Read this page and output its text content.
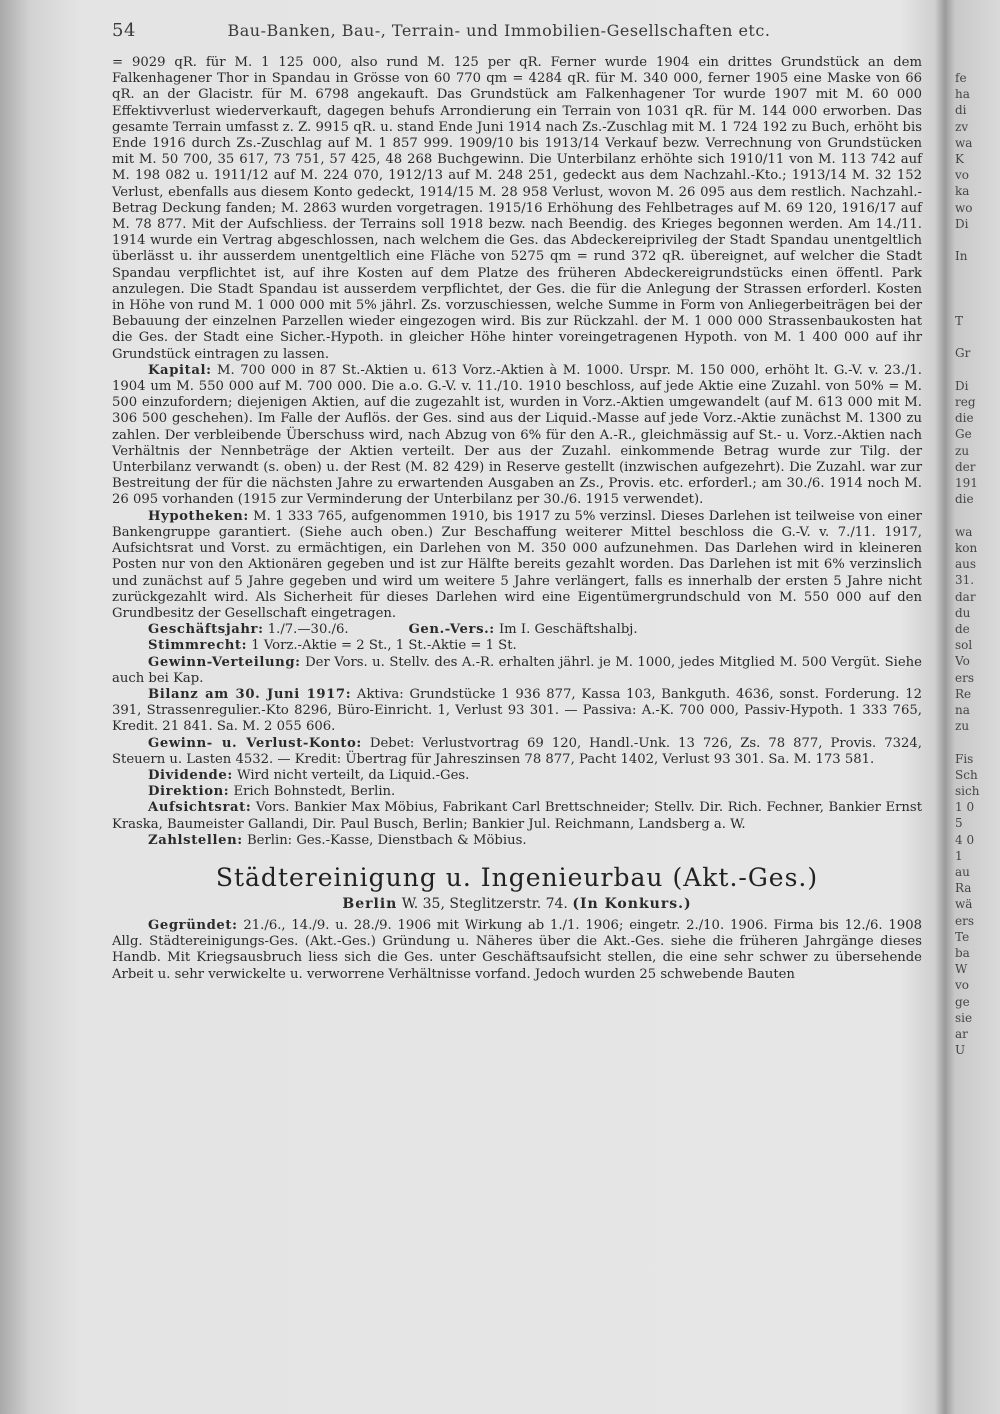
54	Bau-Banken, Bau-, Terrain- und Immobilien-Gesellschaften etc.

= 9029 qR. für M. 1 125 000, also rund M. 125 per qR. Ferner wurde 1904 ein drittes Grundstück an dem Falkenhagener Thor in Spandau in Grösse von 60 770 qm = 4284 qR. für M. 340 000, ferner 1905 eine Maske von 66 qR. an der Glacistr. für M. 6798 angekauft. Das Grundstück am Falkenhagener Tor wurde 1907 mit M. 60 000 Effektivverlust wiederverkauft, dagegen behufs Arrondierung ein Terrain von 1031 qR. für M. 144 000 erworben. Das gesamte Terrain umfasst z. Z. 9915 qR. u. stand Ende Juni 1914 nach Zs.-Zuschlag mit M. 1 724 192 zu Buch, erhöht bis Ende 1916 durch Zs.-Zuschlag auf M. 1 857 999. 1909/10 bis 1913/14 Verkauf bezw. Verrechnung von Grundstücken mit M. 50 700, 35 617, 73 751, 57 425, 48 268 Buchgewinn. Die Unterbilanz erhöhte sich 1910/11 von M. 113 742 auf M. 198 082 u. 1911/12 auf M. 224 070, 1912/13 auf M. 248 251, gedeckt aus dem Nachzahl.-Kto.; 1913/14 M. 32 152 Verlust, ebenfalls aus diesem Konto gedeckt, 1914/15 M. 28 958 Verlust, wovon M. 26 095 aus dem restlich. Nachzahl.-Betrag Deckung fanden; M. 2863 wurden vorgetragen. 1915/16 Erhöhung des Fehlbetrages auf M. 69 120, 1916/17 auf M. 78 877. Mit der Aufschliess. der Terrains soll 1918 bezw. nach Beendig. des Krieges begonnen werden. Am 14./11. 1914 wurde ein Vertrag abgeschlossen, nach welchem die Ges. das Abdeckereiprivileg der Stadt Spandau unentgeltlich überlässt u. ihr ausserdem unentgeltlich eine Fläche von 5275 qm = rund 372 qR. übereignet, auf welcher die Stadt Spandau verpflichtet ist, auf ihre Kosten auf dem Platze des früheren Abdeckereigrundstücks einen öffentl. Park anzulegen. Die Stadt Spandau ist ausserdem verpflichtet, der Ges. die für die Anlegung der Strassen erforderl. Kosten in Höhe von rund M. 1 000 000 mit 5% jährl. Zs. vorzuschiessen, welche Summe in Form von Anliegerbeiträgen bei der Bebauung der einzelnen Parzellen wieder eingezogen wird. Bis zur Rückzahl. der M. 1 000 000 Strassenbaukosten hat die Ges. der Stadt eine Sicher.-Hypoth. in gleicher Höhe hinter voreingetragenen Hypoth. von M. 1 400 000 auf ihr Grundstück eintragen zu lassen.

Kapital: M. 700 000 in 87 St.-Aktien u. 613 Vorz.-Aktien à M. 1000. Urspr. M. 150 000, erhöht lt. G.-V. v. 23./1. 1904 um M. 550 000 auf M. 700 000. Die a.o. G.-V. v. 11./10. 1910 beschloss, auf jede Aktie eine Zuzahl. von 50% = M. 500 einzufordern; diejenigen Aktien, auf die zugezahlt ist, wurden in Vorz.-Aktien umgewandelt (auf M. 613 000 mit M. 306 500 geschehen). Im Falle der Auflös. der Ges. sind aus der Liquid.-Masse auf jede Vorz.-Aktie zunächst M. 1300 zu zahlen. Der verbleibende Überschuss wird, nach Abzug von 6% für den A.-R., gleichmässig auf St.- u. Vorz.-Aktien nach Verhältnis der Nennbeträge der Aktien verteilt. Der aus der Zuzahl. einkommende Betrag wurde zur Tilg. der Unterbilanz verwandt (s. oben) u. der Rest (M. 82 429) in Reserve gestellt (inzwischen aufgezehrt). Die Zuzahl. war zur Bestreitung der für die nächsten Jahre zu erwartenden Ausgaben an Zs., Provis. etc. erforderl.; am 30./6. 1914 noch M. 26 095 vorhanden (1915 zur Verminderung der Unterbilanz per 30./6. 1915 verwendet).

Hypotheken: M. 1 333 765, aufgenommen 1910, bis 1917 zu 5% verzinsl. Dieses Darlehen ist teilweise von einer Bankengruppe garantiert. (Siehe auch oben.) Zur Beschaffung weiterer Mittel beschloss die G.-V. v. 7./11. 1917, Aufsichtsrat und Vorst. zu ermächtigen, ein Darlehen von M. 350 000 aufzunehmen. Das Darlehen wird in kleineren Posten nur von den Aktionären gegeben und ist zur Hälfte bereits gezahlt worden. Das Darlehen ist mit 6% verzinslich und zunächst auf 5 Jahre gegeben und wird um weitere 5 Jahre verlängert, falls es innerhalb der ersten 5 Jahre nicht zurückgezahlt wird. Als Sicherheit für dieses Darlehen wird eine Eigentümergrundschuld von M. 550 000 auf den Grundbesitz der Gesellschaft eingetragen.

Geschäftsjahr: 1./7.—30./6.	Gen.-Vers.: Im I. Geschäftshalbj.

Stimmrecht: 1 Vorz.-Aktie = 2 St., 1 St.-Aktie = 1 St.

Gewinn-Verteilung: Der Vors. u. Stellv. des A.-R. erhalten jährl. je M. 1000, jedes Mitglied M. 500 Vergüt. Siehe auch bei Kap.

Bilanz am 30. Juni 1917: Aktiva: Grundstücke 1 936 877, Kassa 103, Bankguth. 4636, sonst. Forderung. 12 391, Strassenregulier.-Kto 8296, Büro-Einricht. 1, Verlust 93 301. — Passiva: A.-K. 700 000, Passiv-Hypoth. 1 333 765, Kredit. 21 841. Sa. M. 2 055 606.

Gewinn- u. Verlust-Konto: Debet: Verlustvortrag 69 120, Handl.-Unk. 13 726, Zs. 78 877, Provis. 7324, Steuern u. Lasten 4532. — Kredit: Übertrag für Jahreszinsen 78 877, Pacht 1402, Verlust 93 301. Sa. M. 173 581.

Dividende: Wird nicht verteilt, da Liquid.-Ges.

Direktion: Erich Bohnstedt, Berlin.

Aufsichtsrat: Vors. Bankier Max Möbius, Fabrikant Carl Brettschneider; Stellv. Dir. Rich. Fechner, Bankier Ernst Kraska, Baumeister Gallandi, Dir. Paul Busch, Berlin; Bankier Jul. Reichmann, Landsberg a. W.

Zahlstellen: Berlin: Ges.-Kasse, Dienstbach & Möbius.

Städtereinigung u. Ingenieurbau (Akt.-Ges.)
Berlin W. 35, Steglitzerstr. 74. (In Konkurs.)

Gegründet: 21./6., 14./9. u. 28./9. 1906 mit Wirkung ab 1./1. 1906; eingetr. 2./10. 1906. Firma bis 12./6. 1908 Allg. Städtereinigungs-Ges. (Akt.-Ges.) Gründung u. Näheres über die Akt.-Ges. siehe die früheren Jahrgänge dieses Handb. Mit Kriegsausbruch liess sich die Ges. unter Geschäftsaufsicht stellen, die eine sehr schwer zu übersehende Arbeit u. sehr verwickelte u. verworrene Verhältnisse vorfand. Jedoch wurden 25 schwebende Bauten

fe
ha
di
zv
wa
K
vo
ka
wo
Di

In

T

Gr

Di
reg
die
Ge
zu
der
191
die

wa
kon
aus
31.
dar
du
de
sol
Vo
ers
Re
na
zu

Fis
Sch
sich
1 0
5
4 0
1
au
Ra
wä
ers
Te
ba
W
vo
ge
sie
ar
U
